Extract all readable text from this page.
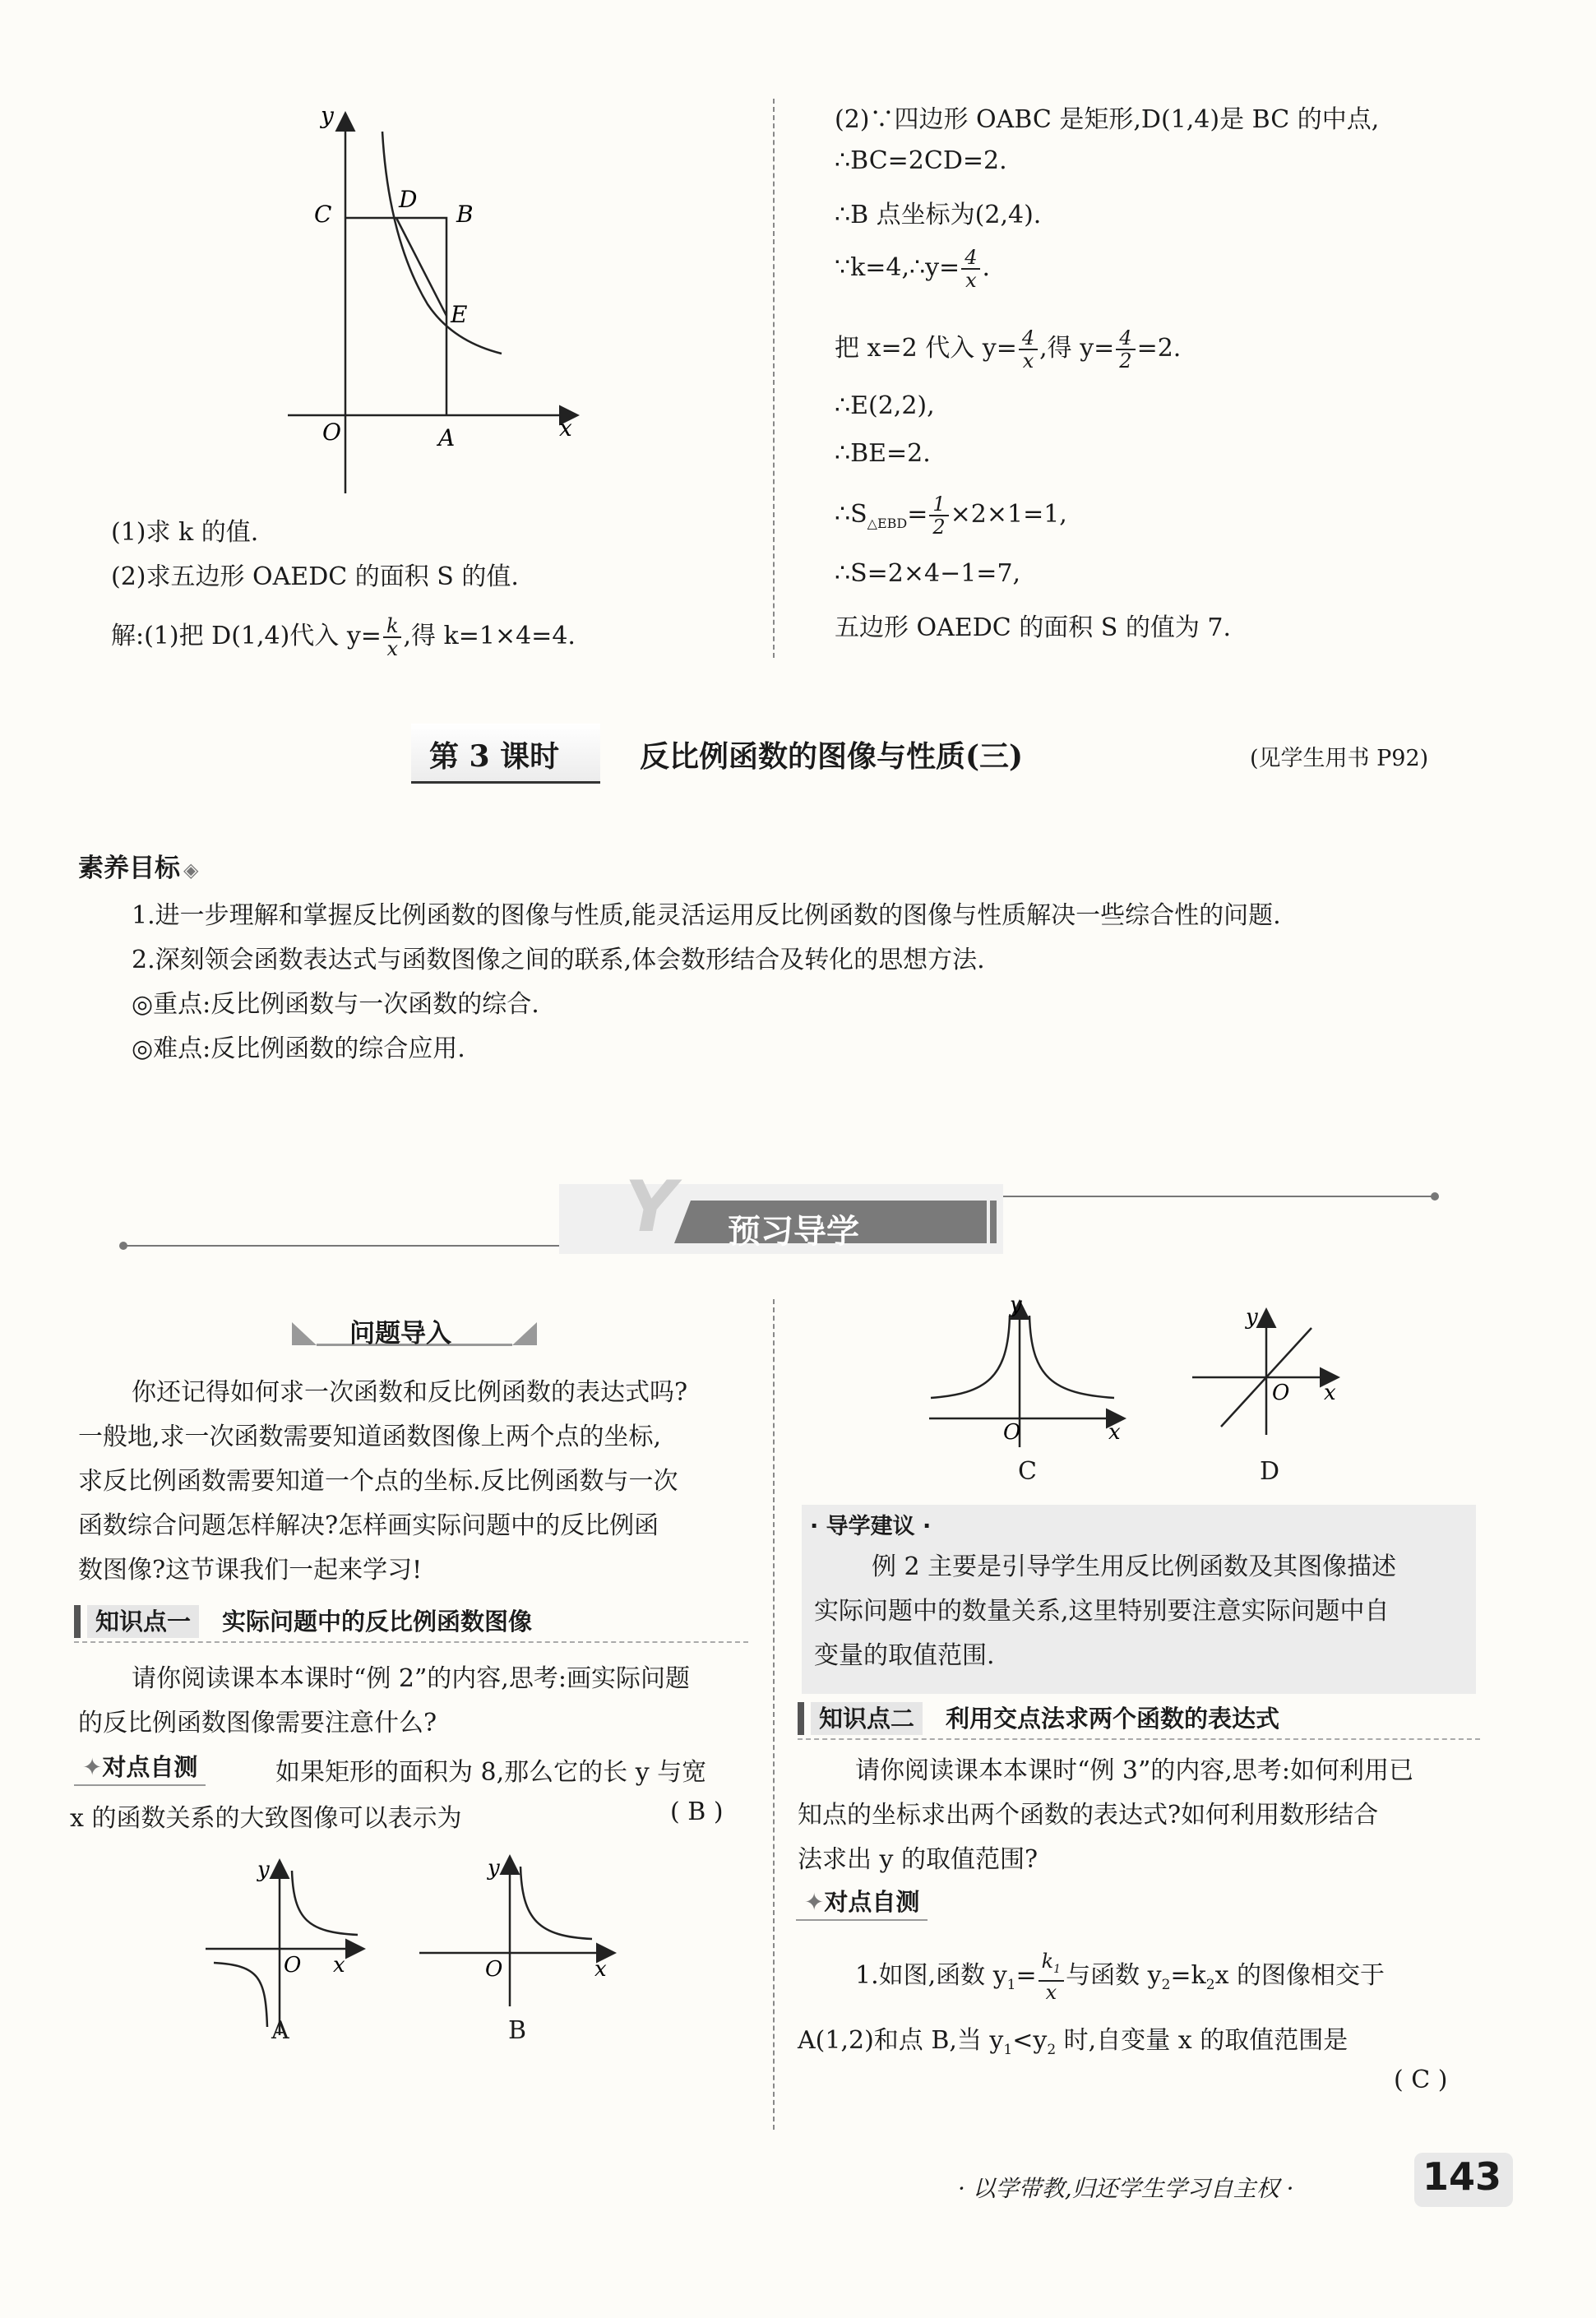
y
x
O	A
B
C
D
E
(1)求 k 的值.
(2)求五边形 OAEDC 的面积 S 的值.
解:(1)把 D(1,4)代入 $y= \frac{k}{x}$ ,得 k=1×4=4.
(2)∵四边形 OABC 是矩形,D(1,4)是 BC 的中点,
∴BC=2CD=2.
∴B 点坐标为(2,4).
∵k=4,∴y= $\frac{4}{x}$ .
把 x=2 代入 $y= \frac{4}{x}$ ,得 $y= \frac{4}{2} =2$.
∴E(2,2),
∴BE=2.
$\therefore S_{\triangle EBD}= \frac{1}{2} \times 2\times 1=1$,
∴S=2×4−1=7,
五边形 OAEDC 的面积 S 的值为 7.
第 3 课时	反比例函数的图像与性质(三)	(见学生用书 P92)
素养目标 ◈
1.进一步理解和掌握反比例函数的图像与性质,能灵活运用反比例函数的图像与性质解决一些综合性的问题.
2.深刻领会函数表达式与函数图像之间的联系,体会数形结合及转化的思想方法.
◎重点:反比例函数与一次函数的综合.
◎难点:反比例函数的综合应用.
Y 预习导学
问题导入
你还记得如何求一次函数和反比例函数的表达式吗?
一般地,求一次函数需要知道函数图像上两个点的坐标,
求反比例函数需要知道一个点的坐标.反比例函数与一次
函数综合问题怎样解决?怎样画实际问题中的反比例函
数图像?这节课我们一起来学习!
知识点一	实际问题中的反比例函数图像
请你阅读课本本课时“例 2”的内容,思考:画实际问题
的反比例函数图像需要注意什么?
✦对点自测	如果矩形的面积为 8,那么它的长 y 与宽
x 的函数关系的大致图像可以表示为	( B )
y
O x
A
y
O	x
B
y
O	x
C
y
O x
D
· 导学建议 ·
例 2 主要是引导学生用反比例函数及其图像描述
实际问题中的数量关系,这里特别要注意实际问题中自
变量的取值范围.
知识点二	利用交点法求两个函数的表达式
请你阅读课本本课时“例 3”的内容,思考:如何利用已
知点的坐标求出两个函数的表达式?如何利用数形结合
法求出 y 的取值范围?
✦对点自测
1.如图,函数 $y_1= \frac{k_1}{x}$ 与函数 $y_2=k_2x$ 的图像相交于
A(1,2)和点 B,当 $y_1<y_2$ 时,自变量 x 的取值范围是
( C )
· 以学带教,归还学生学习自主权 ·	143
